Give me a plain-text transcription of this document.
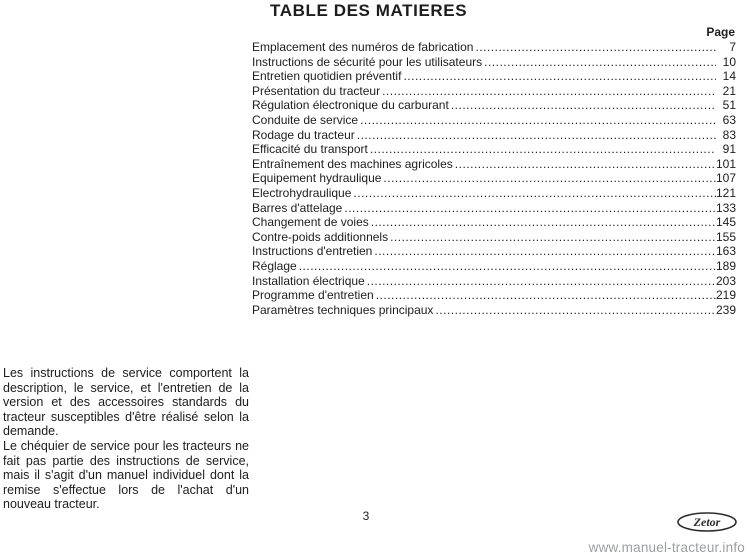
TABLE DES MATIERES
Page
Emplacement des numéros de fabrication .....	7
Instructions de sécurité pour les utilisateurs .....	10
Entretien quotidien préventif .....	14
Présentation du tracteur .....	21
Régulation électronique du carburant .....	51
Conduite de service .....	63
Rodage du tracteur .....	83
Efficacité du transport .....	91
Entraînement des machines agricoles .....	101
Equipement hydraulique .....	107
Electrohydraulique .....	121
Barres d'attelage .....	133
Changement de voies .....	145
Contre-poids additionnels .....	155
Instructions d'entretien .....	163
Réglage .....	189
Installation électrique .....	203
Programme d'entretien .....	219
Paramètres techniques principaux .....	239

Les instructions de service comportent la description, le service, et l'entretien de la version et des accessoires standards du tracteur susceptibles d'être réalisé selon la demande.

Le chéquier de service pour les tracteurs ne fait pas partie des instructions de service, mais il s'agit d'un manuel individuel dont la remise s'effectue lors de l'achat d'un nouveau tracteur.

3	Zetor
www.manuel-tracteur.info
